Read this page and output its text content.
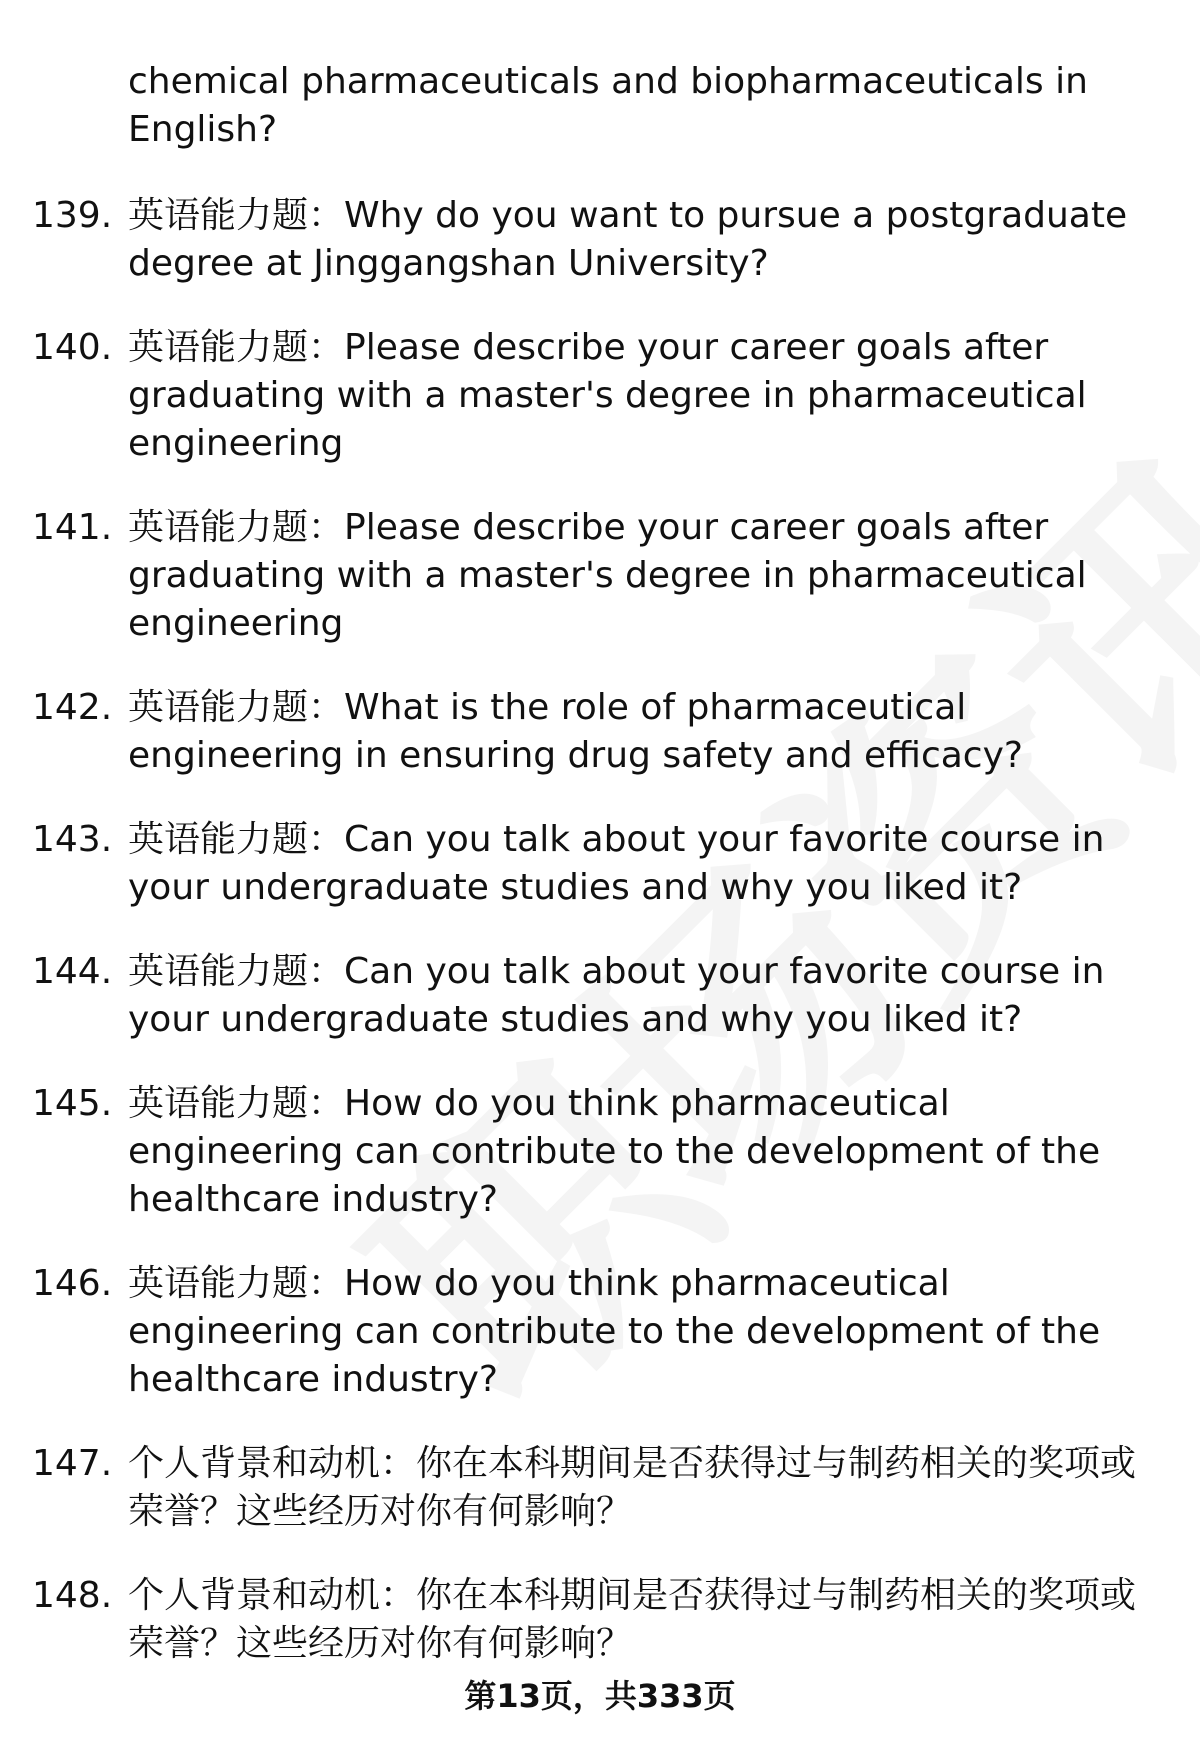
chemical pharmaceuticals and biopharmaceuticals in English?
139. 英语能力题：Why do you want to pursue a postgraduate degree at Jinggangshan University?
140. 英语能力题：Please describe your career goals after graduating with a master's degree in pharmaceutical engineering
141. 英语能力题：Please describe your career goals after graduating with a master's degree in pharmaceutical engineering
142. 英语能力题：What is the role of pharmaceutical engineering in ensuring drug safety and efficacy?
143. 英语能力题：Can you talk about your favorite course in your undergraduate studies and why you liked it?
144. 英语能力题：Can you talk about your favorite course in your undergraduate studies and why you liked it?
145. 英语能力题：How do you think pharmaceutical engineering can contribute to the development of the healthcare industry?
146. 英语能力题：How do you think pharmaceutical engineering can contribute to the development of the healthcare industry?
147. 个人背景和动机：你在本科期间是否获得过与制药相关的奖项或荣誉？这些经历对你有何影响？
148. 个人背景和动机：你在本科期间是否获得过与制药相关的奖项或荣誉？这些经历对你有何影响？
第13页，共333页
